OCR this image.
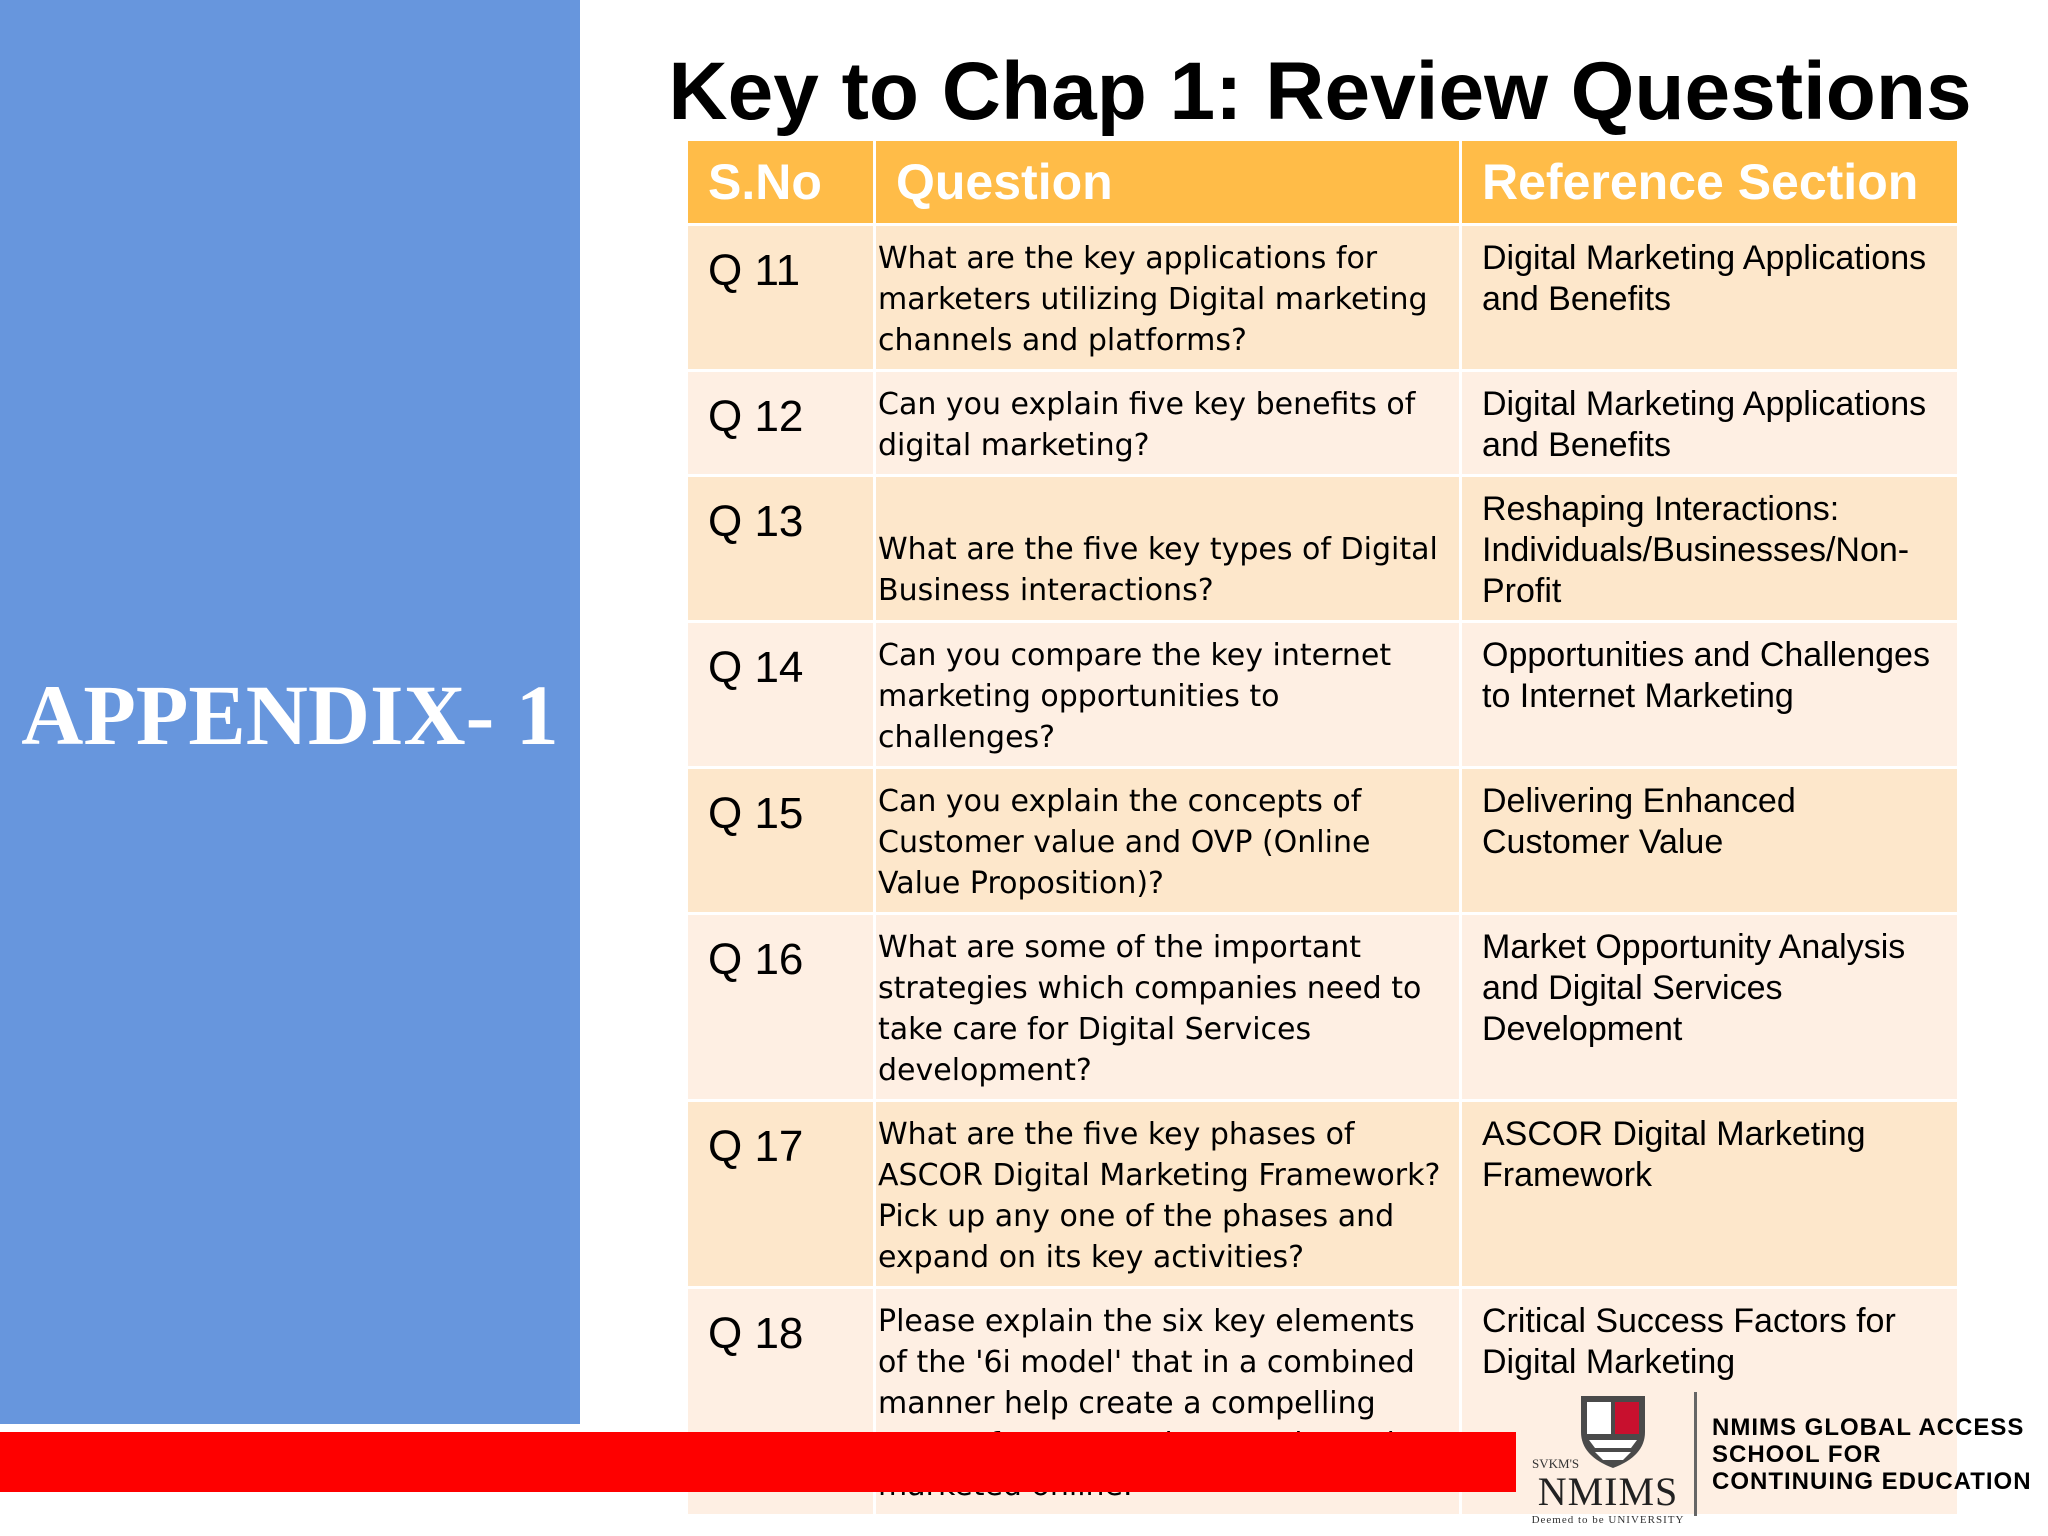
APPENDIX- 1
Key to Chap 1: Review Questions
S.No	Question	Reference Section
Q 11	What are the key applications for marketers utilizing Digital marketing channels and platforms?	Digital Marketing Applications and Benefits
Q 12	Can you explain five key benefits of digital marketing?	Digital Marketing Applications and Benefits
Q 13	What are the five key types of Digital Business interactions?	Reshaping Interactions: Individuals/Businesses/Non-Profit
Q 14	Can you compare the key internet marketing opportunities to challenges?	Opportunities and Challenges to Internet Marketing
Q 15	Can you explain the concepts of Customer value and OVP (Online Value Proposition)?	Delivering Enhanced Customer Value
Q 16	What are some of the important strategies which companies need to take care for Digital Services development?	Market Opportunity Analysis and Digital Services Development
Q 17	What are the five key phases of ASCOR Digital Marketing Framework? Pick up any one of the phases and expand on its key activities?	ASCOR Digital Marketing Framework
Q 18	Please explain the six key elements of the '6i model' that in a combined manner help create a compelling	Critical Success Factors for Digital Marketing
SVKM'S
NMIMS
Deemed to be UNIVERSITY
NMIMS GLOBAL ACCESS
SCHOOL FOR
CONTINUING EDUCATION
